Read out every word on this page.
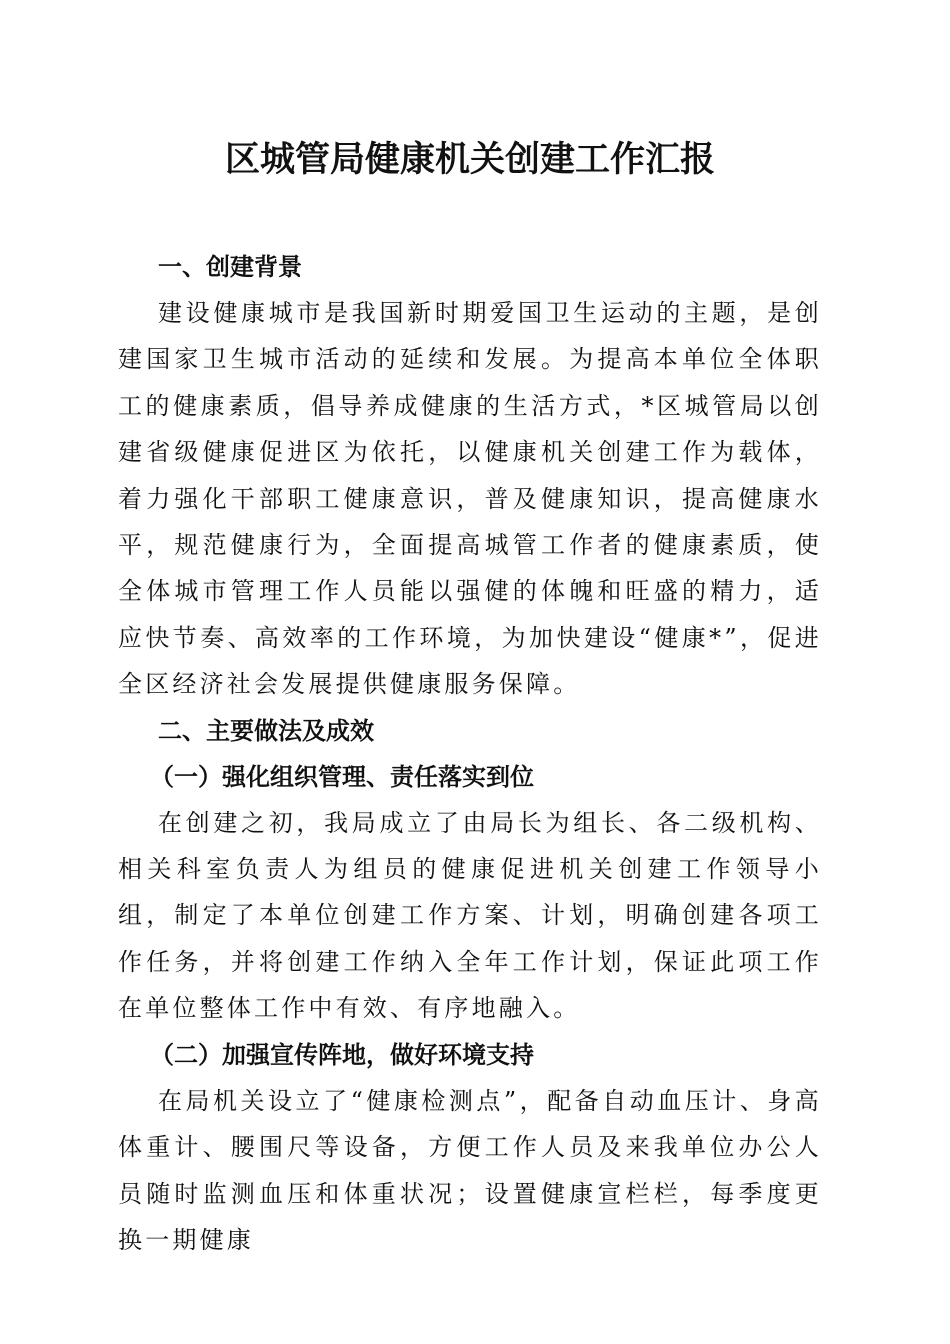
区城管局健康机关创建工作汇报
一、创建背景

建设健康城市是我国新时期爱国卫生运动的主题，是创建国家卫生城市活动的延续和发展。为提高本单位全体职工的健康素质，倡导养成健康的生活方式，*区城管局以创建省级健康促进区为依托，以健康机关创建工作为载体，着力强化干部职工健康意识，普及健康知识，提高健康水平，规范健康行为，全面提高城管工作者的健康素质，使全体城市管理工作人员能以强健的体魄和旺盛的精力，适应快节奏、高效率的工作环境，为加快建设“健康*”，促进全区经济社会发展提供健康服务保障。

二、主要做法及成效
（一）强化组织管理、责任落实到位

在创建之初，我局成立了由局长为组长、各二级机构、相关科室负责人为组员的健康促进机关创建工作领导小组，制定了本单位创建工作方案、计划，明确创建各项工作任务，并将创建工作纳入全年工作计划，保证此项工作在单位整体工作中有效、有序地融入。

（二）加强宣传阵地，做好环境支持

在局机关设立了“健康检测点”，配备自动血压计、身高体重计、腰围尺等设备，方便工作人员及来我单位办公人员随时监测血压和体重状况；设置健康宣栏栏，每季度更换一期健康
